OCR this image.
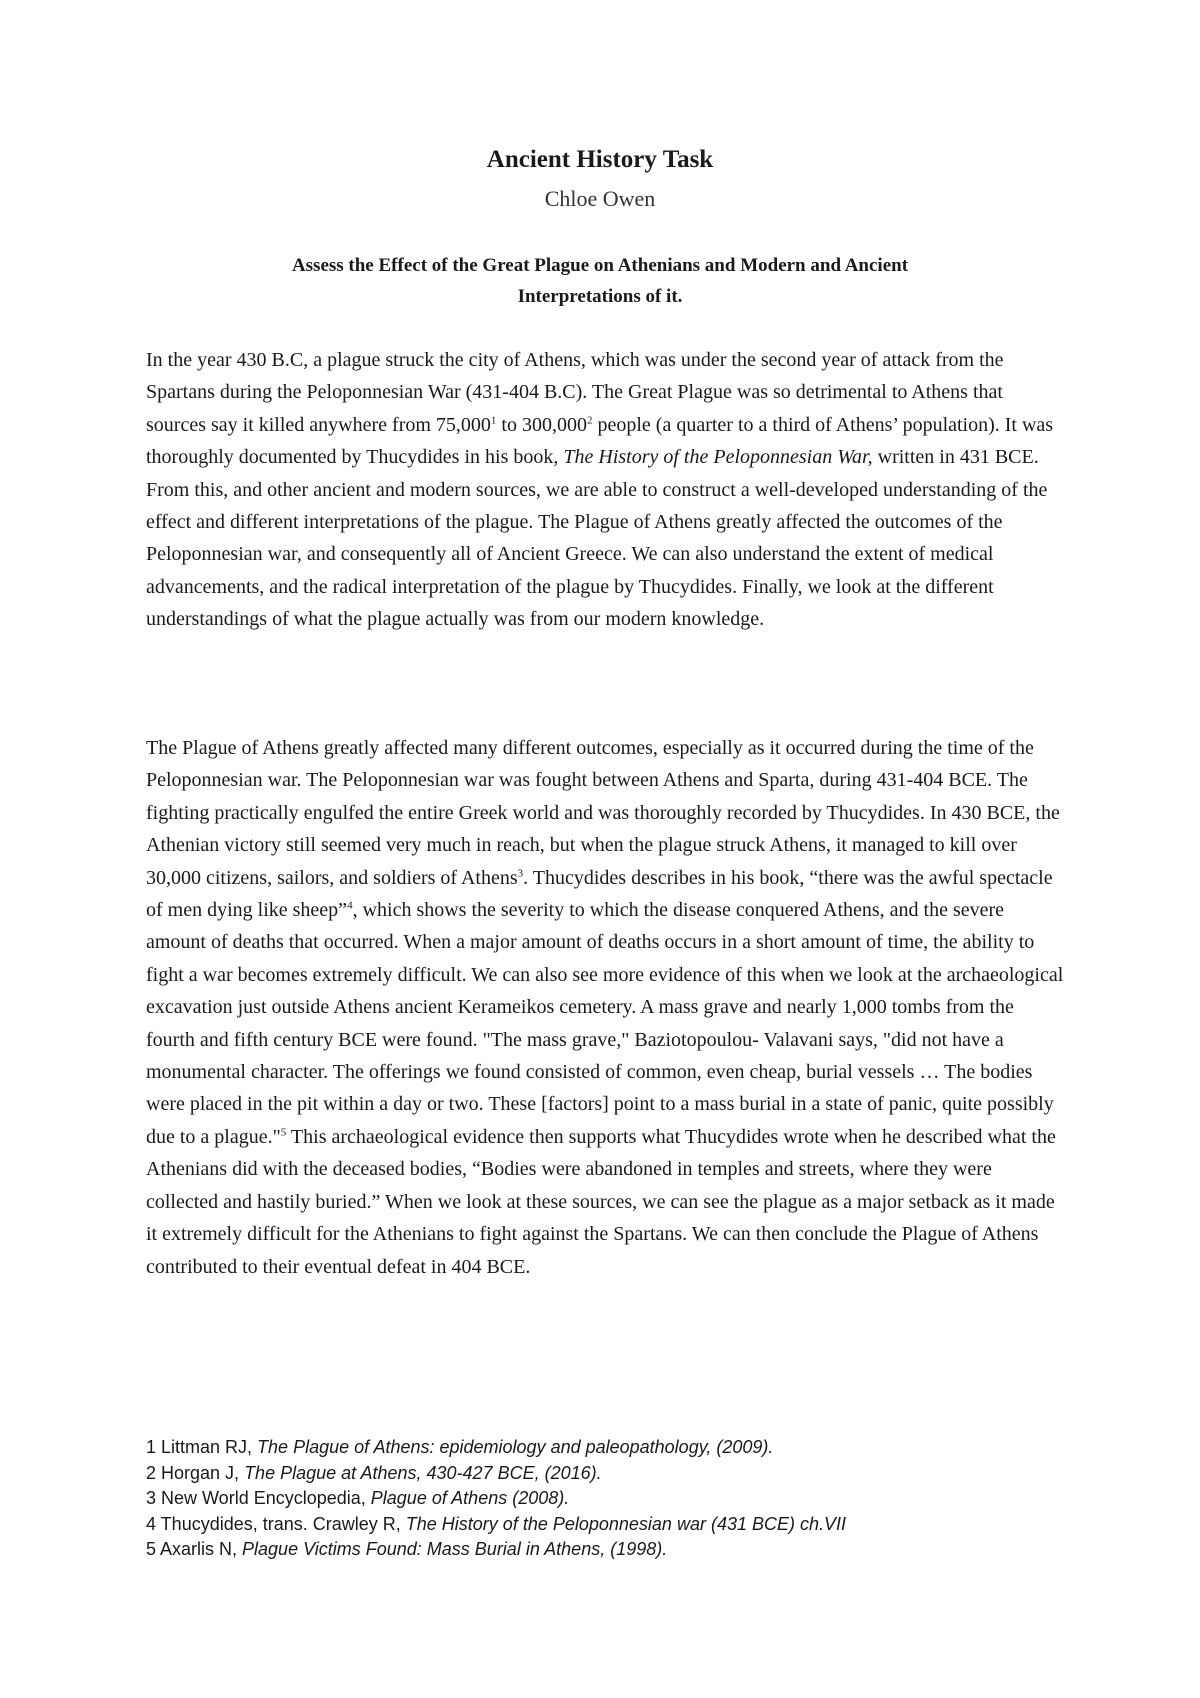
Ancient History Task
Chloe Owen
Assess the Effect of the Great Plague on Athenians and Modern and Ancient
Interpretations of it.

In the year 430 B.C, a plague struck the city of Athens, which was under the second year of attack from the Spartans during the Peloponnesian War (431-404 B.C). The Great Plague was so detrimental to Athens that sources say it killed anywhere from 75,000$^1$ to 300,000$^2$ people (a quarter to a third of Athens’ population). It was thoroughly documented by Thucydides in his book, The History of the Peloponnesian War, written in 431 BCE. From this, and other ancient and modern sources, we are able to construct a well-developed understanding of the effect and different interpretations of the plague. The Plague of Athens greatly affected the outcomes of the Peloponnesian war, and consequently all of Ancient Greece. We can also understand the extent of medical advancements, and the radical interpretation of the plague by Thucydides. Finally, we look at the different understandings of what the plague actually was from our modern knowledge.

The Plague of Athens greatly affected many different outcomes, especially as it occurred during the time of the Peloponnesian war. The Peloponnesian war was fought between Athens and Sparta, during 431-404 BCE. The fighting practically engulfed the entire Greek world and was thoroughly recorded by Thucydides. In 430 BCE, the Athenian victory still seemed very much in reach, but when the plague struck Athens, it managed to kill over 30,000 citizens, sailors, and soldiers of Athens$^3$. Thucydides describes in his book, “there was the awful spectacle of men dying like sheep”$^4$, which shows the severity to which the disease conquered Athens, and the severe amount of deaths that occurred. When a major amount of deaths occurs in a short amount of time, the ability to fight a war becomes extremely difficult. We can also see more evidence of this when we look at the archaeological excavation just outside Athens ancient Kerameikos cemetery. A mass grave and nearly 1,000 tombs from the fourth and fifth century BCE were found. "The mass grave," Baziotopoulou- Valavani says, "did not have a monumental character. The offerings we found consisted of common, even cheap, burial vessels … The bodies were placed in the pit within a day or two. These [factors] point to a mass burial in a state of panic, quite possibly due to a plague."$^5$ This archaeological evidence then supports what Thucydides wrote when he described what the Athenians did with the deceased bodies, “Bodies were abandoned in temples and streets, where they were collected and hastily buried.” When we look at these sources, we can see the plague as a major setback as it made it extremely difficult for the Athenians to fight against the Spartans. We can then conclude the Plague of Athens contributed to their eventual defeat in 404 BCE.

1 Littman RJ, The Plague of Athens: epidemiology and paleopathology, (2009).
2 Horgan J, The Plague at Athens, 430-427 BCE, (2016).
3 New World Encyclopedia, Plague of Athens (2008).
4 Thucydides, trans. Crawley R, The History of the Peloponnesian war (431 BCE) ch.VII
5 Axarlis N, Plague Victims Found: Mass Burial in Athens, (1998).
